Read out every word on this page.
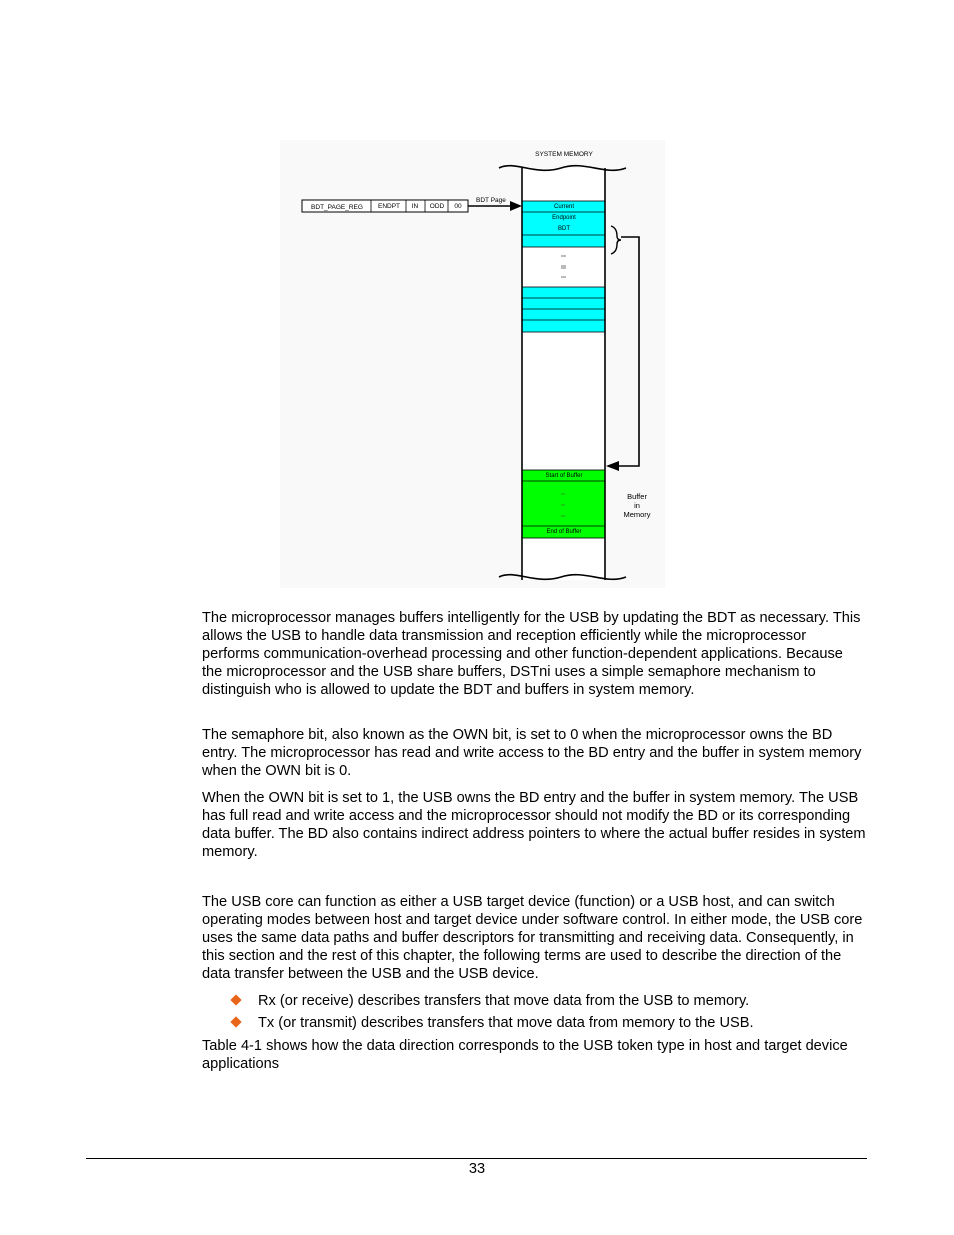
SYSTEM MEMORY
BDT_PAGE_REG ENDPT IN ODD 00
BDT Page
Current
Endpoint
BDT
Start of Buffer
End of Buffer
Buffer
in
Memory

The microprocessor manages buffers intelligently for the USB by updating the BDT as necessary. This allows the USB to handle data transmission and reception efficiently while the microprocessor performs communication-overhead processing and other function-dependent applications. Because the microprocessor and the USB share buffers, DSTni uses a simple semaphore mechanism to distinguish who is allowed to update the BDT and buffers in system memory.

The semaphore bit, also known as the OWN bit, is set to 0 when the microprocessor owns the BD entry. The microprocessor has read and write access to the BD entry and the buffer in system memory when the OWN bit is 0.

When the OWN bit is set to 1, the USB owns the BD entry and the buffer in system memory. The USB has full read and write access and the microprocessor should not modify the BD or its corresponding data buffer. The BD also contains indirect address pointers to where the actual buffer resides in system memory.

The USB core can function as either a USB target device (function) or a USB host, and can switch operating modes between host and target device under software control. In either mode, the USB core uses the same data paths and buffer descriptors for transmitting and receiving data. Consequently, in this section and the rest of this chapter, the following terms are used to describe the direction of the data transfer between the USB and the USB device.

Rx (or receive) describes transfers that move data from the USB to memory.
Tx (or transmit) describes transfers that move data from memory to the USB.

Table 4-1 shows how the data direction corresponds to the USB token type in host and target device applications

33
